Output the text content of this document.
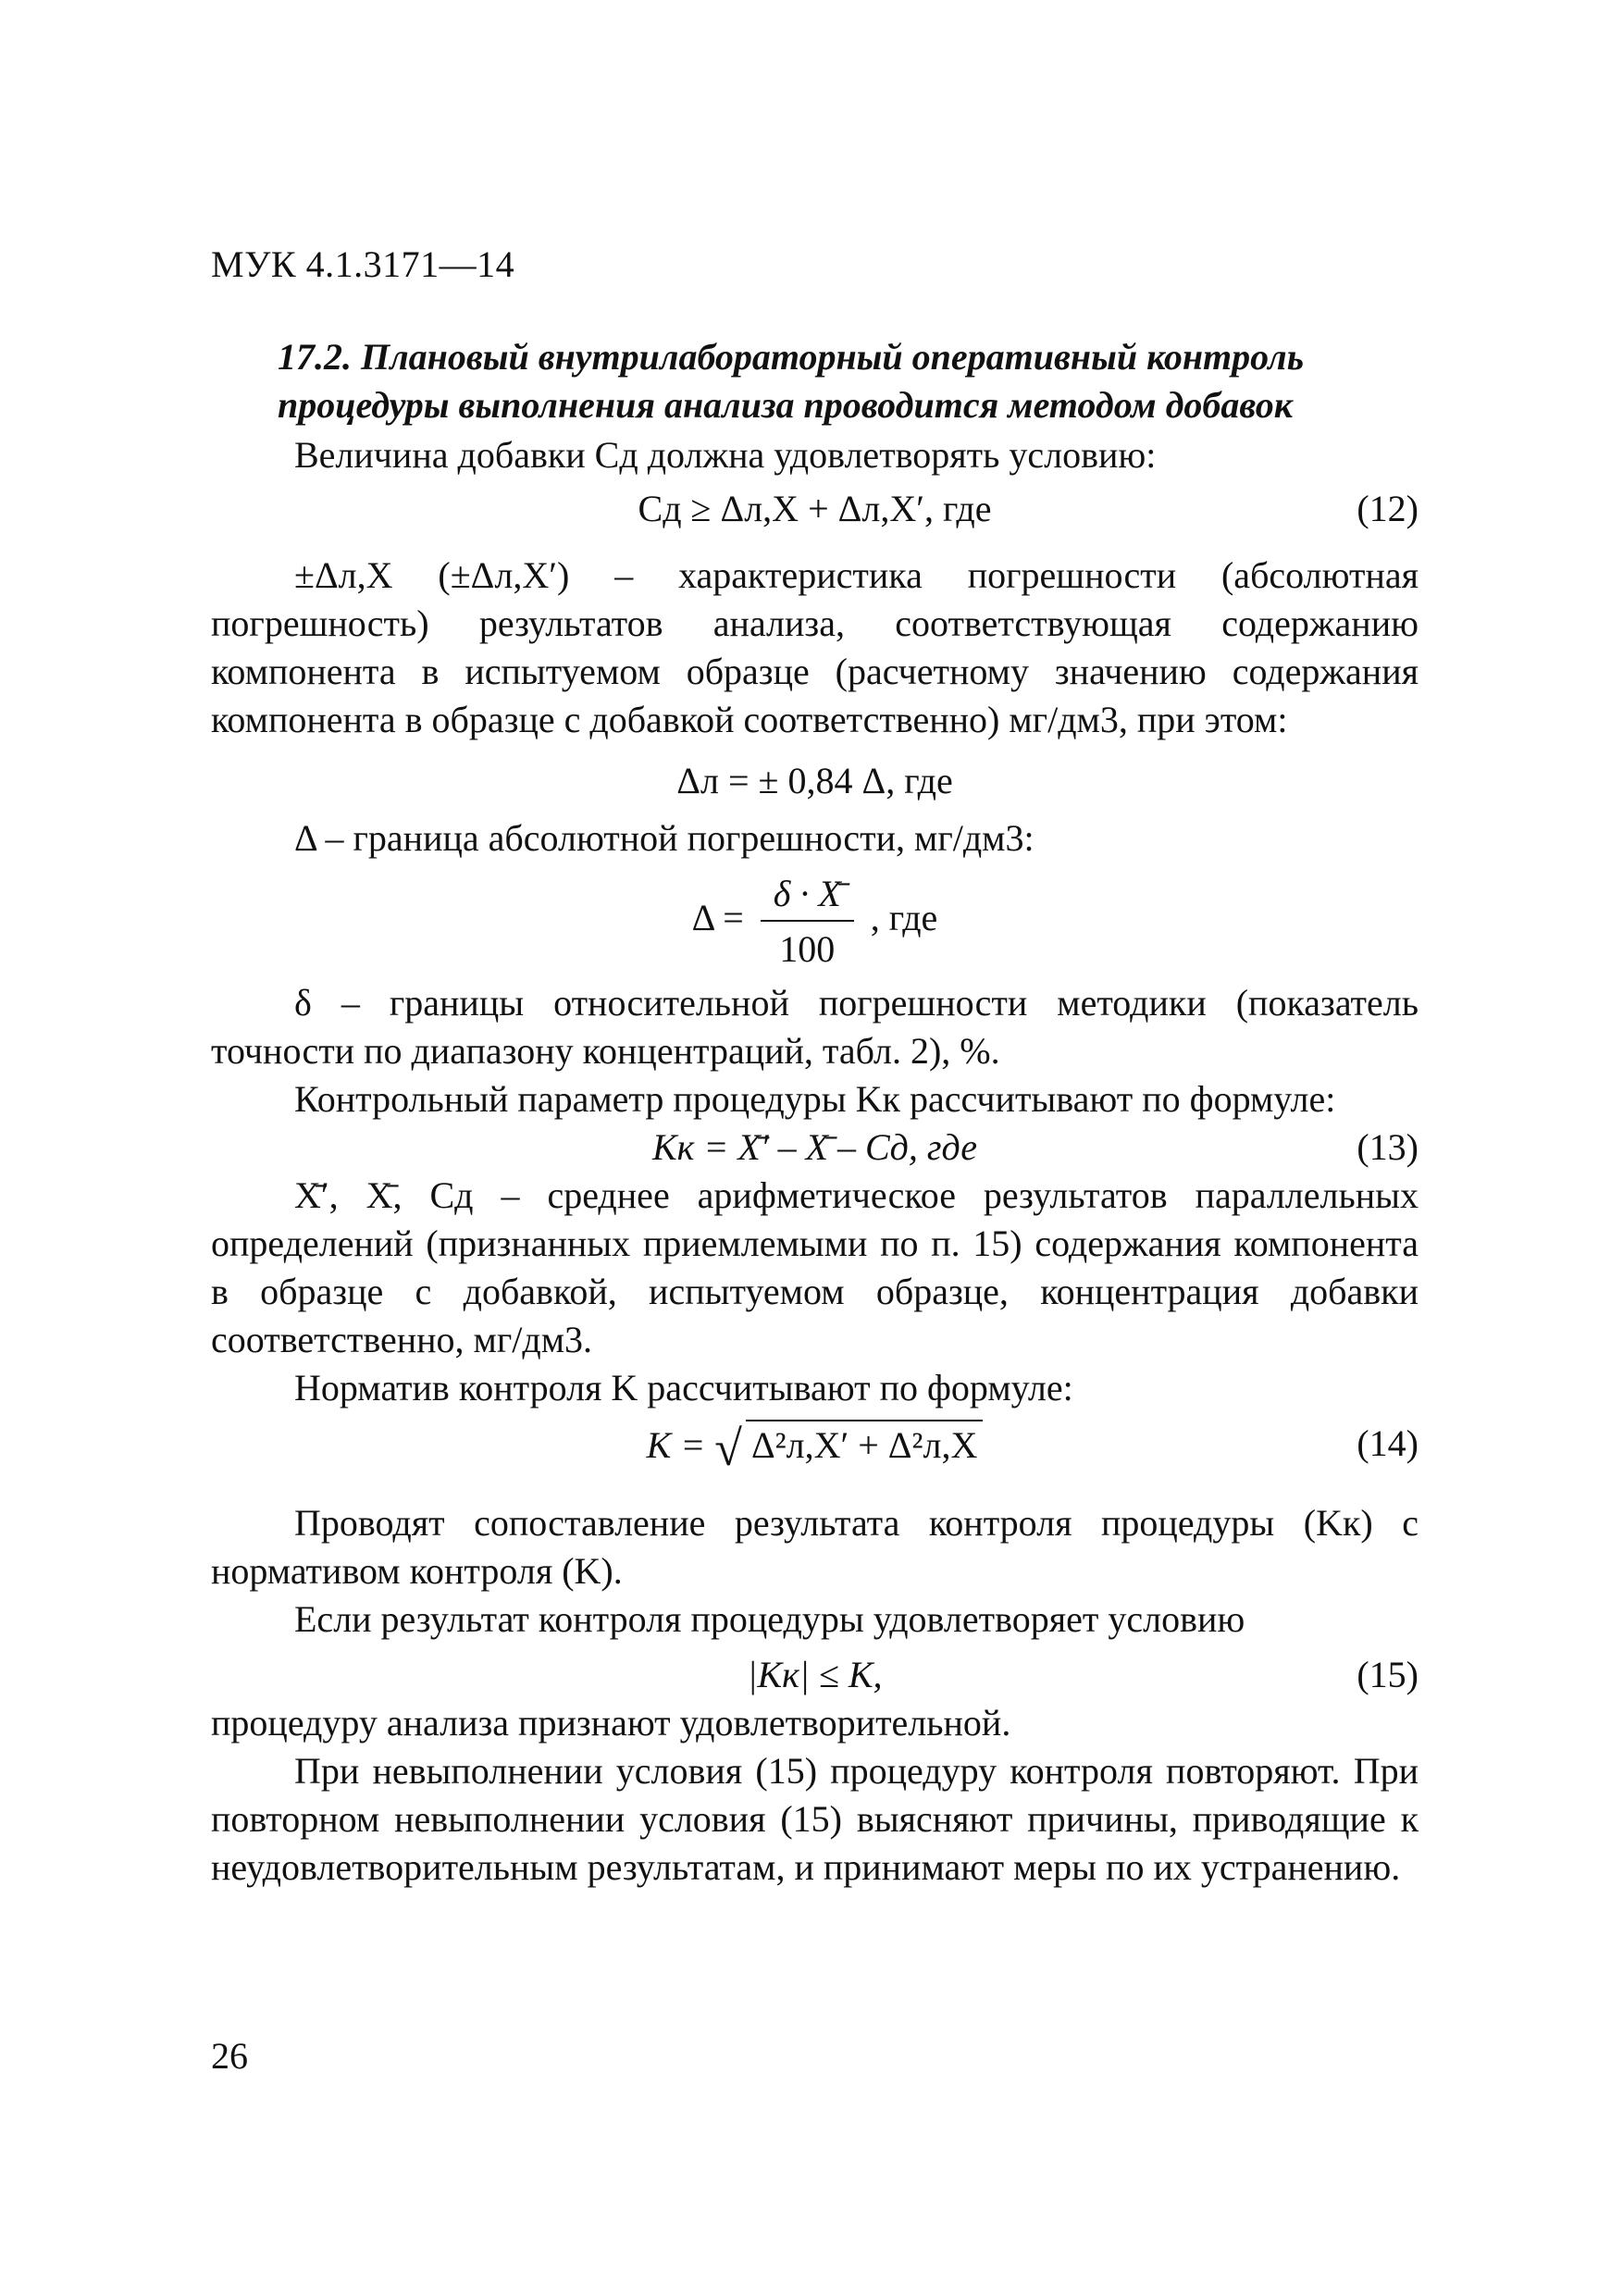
МУК 4.1.3171—14
17.2. Плановый внутрилабораторный оперативный контроль
процедуры выполнения анализа проводится методом добавок
Величина добавки Cд должна удовлетворять условию:
Cд ≥ Δл,Х + Δл,Х′, где	(12)
±Δл,Х (±Δл,Х′) – характеристика погрешности (абсолютная погрешность) результатов анализа, соответствующая содержанию компонента в испытуемом образце (расчетному значению содержания компонента в образце с добавкой соответственно) мг/дм3, при этом:
Δл = ± 0,84 Δ, где
Δ – граница абсолютной погрешности, мг/дм3:
$\Delta = \frac{\delta \cdot Х̄}{100}$ , где
δ – границы относительной погрешности методики (показатель точности по диапазону концентраций, табл. 2), %.
Контрольный параметр процедуры Kк рассчитывают по формуле:
Kк = Х̄′ – Х̄ – Cд, где	(13)
Х̄′, Х̄, Cд – среднее арифметическое результатов параллельных определений (признанных приемлемыми по п. 15) содержания компонента в образце с добавкой, испытуемом образце, концентрация добавки соответственно, мг/дм3.
Норматив контроля K рассчитывают по формуле:
K = √ Δ²л,Х′ + Δ²л,Х	(14)
Проводят сопоставление результата контроля процедуры (Kк) с нормативом контроля (K).
Если результат контроля процедуры удовлетворяет условию
|Kк| ≤ K,	(15)
процедуру анализа признают удовлетворительной.
При невыполнении условия (15) процедуру контроля повторяют. При повторном невыполнении условия (15) выясняют причины, приводящие к неудовлетворительным результатам, и принимают меры по их устранению.
26
